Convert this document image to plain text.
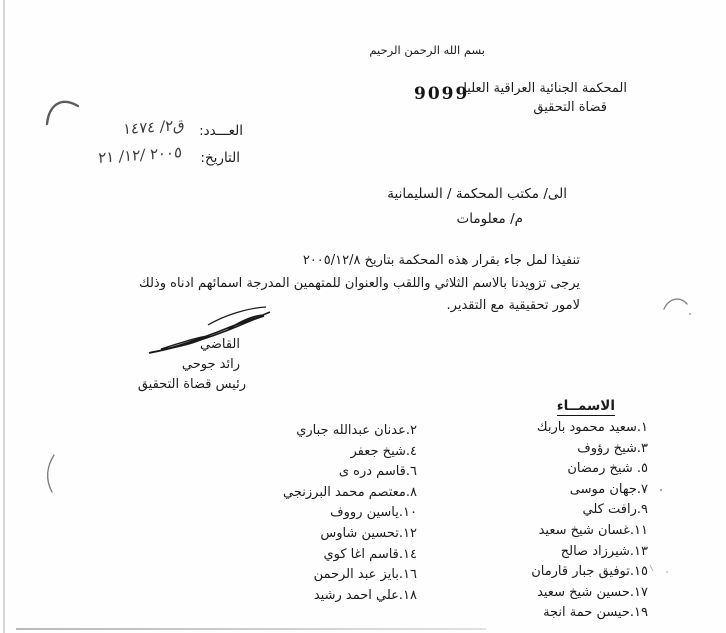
بسم الله الرحمن الرحيم
المحكمة الجنائية العراقية العليا
قضاة التحقيق
9099
العـــدد:
ق٢/ ١٤٧٤
التاريخ:
٢٠٠٥ /١٢/ ٢١
الى/ مكتب المحكمة / السليمانية
م/ معلومات
تنفيذا لمل جاء بقرار هذه المحكمة بتاريخ ٢٠٠٥/١٢/٨
يرجى تزويدنا بالاسم الثلاثي واللقب والعنوان للمتهمين المدرجة اسمائهم ادناه وذلك
لامور تحقيقية مع التقدير.
القاضي
رائد جوحي
رئيس قضاة التحقيق
الاسمــاء
١.سعيد محمود باربك
٣.شيخ رؤوف
٥. شيخ رمضان
٧.جهان موسى
٩.رافت كلي
١١.غسان شيخ سعيد
١٣.شيرزاد صالح
١٥.توفيق جبار قارمان
١٧.حسين شيخ سعيد
١٩.حيسن حمة انجة
٢.عدنان عبدالله جباري
٤.شيخ جعفر
٦.قاسم دره ى
٨.معتصم محمد البرزنجي
١٠.ياسين رووف
١٢.تحسين شاوس
١٤.قاسم اغا كوي
١٦.بايز عبد الرحمن
١٨.علي احمد رشيد
